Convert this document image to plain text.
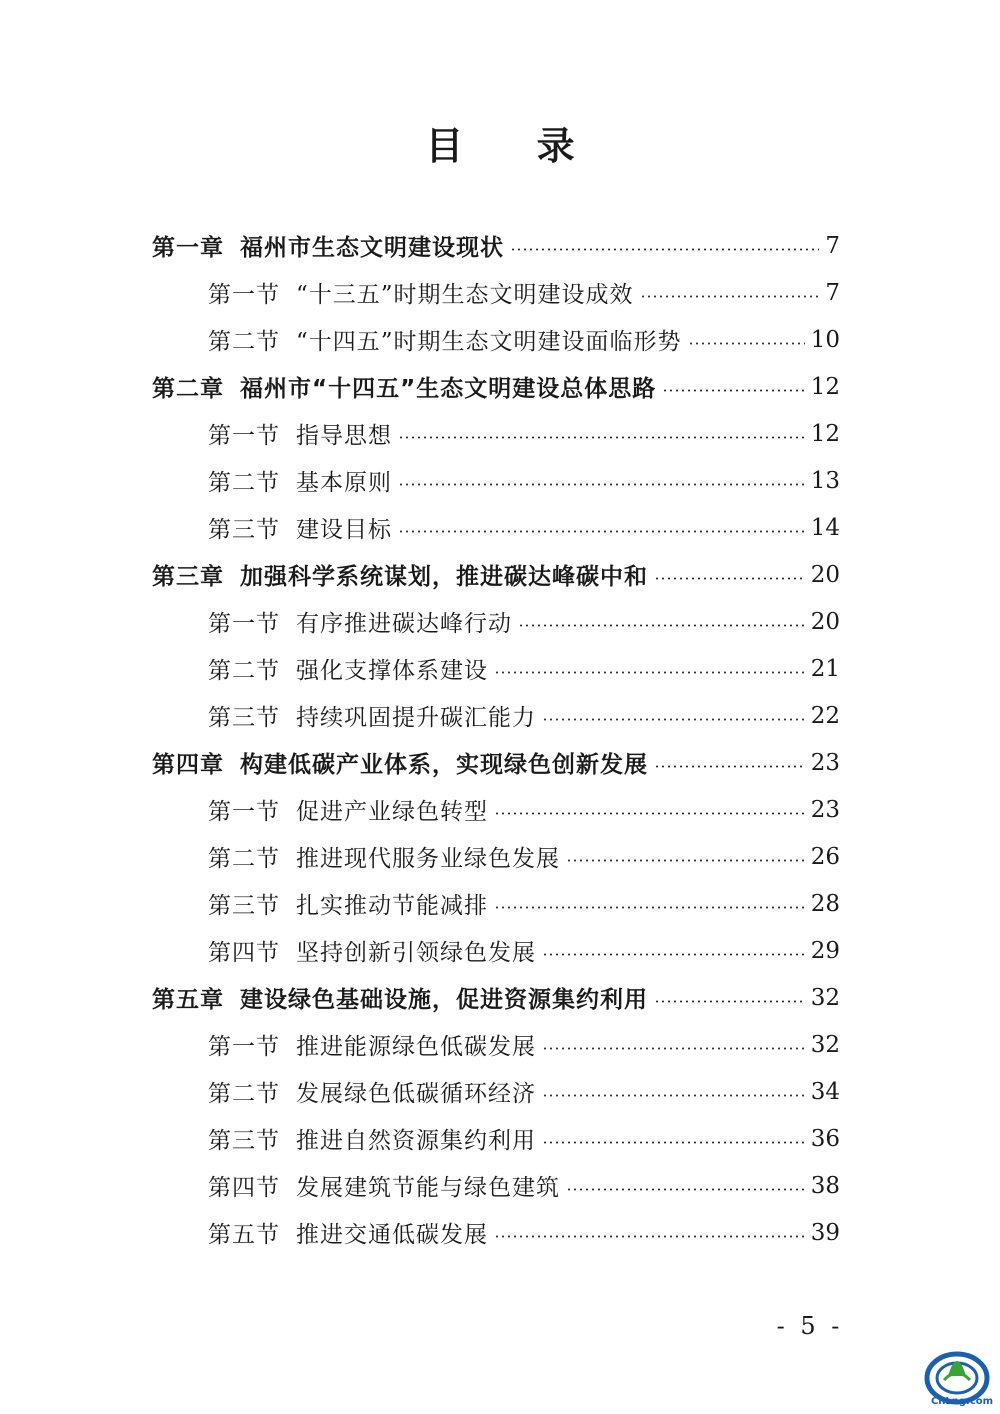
目 录
第一章 福州市生态文明建设现状	7
第一节 “十三五”时期生态文明建设成效	7
第二节 “十四五”时期生态文明建设面临形势	10
第二章 福州市“十四五”生态文明建设总体思路	12
第一节 指导思想	12
第二节 基本原则	13
第三节 建设目标	14
第三章 加强科学系统谋划，推进碳达峰碳中和	20
第一节 有序推进碳达峰行动	20
第二节 强化支撑体系建设	21
第三节 持续巩固提升碳汇能力	22
第四章 构建低碳产业体系，实现绿色创新发展	23
第一节 促进产业绿色转型	23
第二节 推进现代服务业绿色发展	26
第三节 扎实推动节能减排	28
第四节 坚持创新引领绿色发展	29
第五章 建设绿色基础设施，促进资源集约利用	32
第一节 推进能源绿色低碳发展	32
第二节 发展绿色低碳循环经济	34
第三节 推进自然资源集约利用	36
第四节 发展建筑节能与绿色建筑	38
第五节 推进交通低碳发展	39
- 5 -
CnLng.com
